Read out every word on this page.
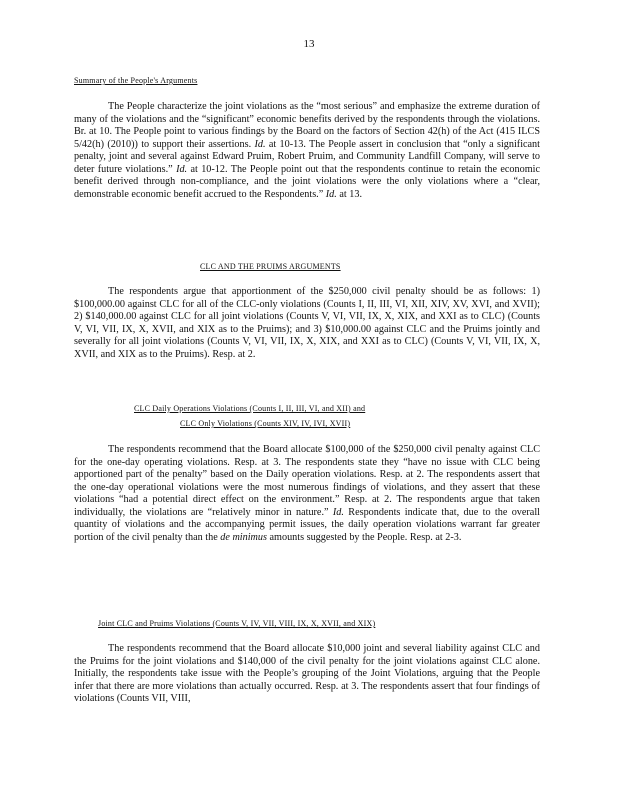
13
Summary of the People's Arguments

The People characterize the joint violations as the “most serious” and emphasize the extreme duration of many of the violations and the “significant” economic benefits derived by the respondents through the violations. Br. at 10. The People point to various findings by the Board on the factors of Section 42(h) of the Act (415 ILCS 5/42(h) (2010)) to support their assertions. Id. at 10-13. The People assert in conclusion that “only a significant penalty, joint and several against Edward Pruim, Robert Pruim, and Community Landfill Company, will serve to deter future violations.” Id. at 10-12. The People point out that the respondents continue to retain the economic benefit derived through non-compliance, and the joint violations were the only violations where a “clear, demonstrable economic benefit accrued to the Respondents.” Id. at 13.

CLC AND THE PRUIMS ARGUMENTS

The respondents argue that apportionment of the $250,000 civil penalty should be as follows: 1) $100,000.00 against CLC for all of the CLC-only violations (Counts I, II, III, VI, XII, XIV, XV, XVI, and XVII); 2) $140,000.00 against CLC for all joint violations (Counts V, VI, VII, IX, X, XIX, and XXI as to CLC) (Counts V, VI, VII, IX, X, XVII, and XIX as to the Pruims); and 3) $10,000.00 against CLC and the Pruims jointly and severally for all joint violations (Counts V, VI, VII, IX, X, XIX, and XXI as to CLC) (Counts V, VI, VII, IX, X, XVII, and XIX as to the Pruims). Resp. at 2.

CLC Daily Operations Violations (Counts I, II, III, VI, and XII) and
CLC Only Violations (Counts XIV, IV, IVI, XVII)

The respondents recommend that the Board allocate $100,000 of the $250,000 civil penalty against CLC for the one-day operating violations. Resp. at 3. The respondents state they “have no issue with CLC being apportioned part of the penalty” based on the Daily operation violations. Resp. at 2. The respondents assert that the one-day operational violations were the most numerous findings of violations, and they assert that these violations “had a potential direct effect on the environment.” Resp. at 2. The respondents argue that taken individually, the violations are “relatively minor in nature.” Id. Respondents indicate that, due to the overall quantity of violations and the accompanying permit issues, the daily operation violations warrant far greater portion of the civil penalty than the de minimus amounts suggested by the People. Resp. at 2-3.

Joint CLC and Pruims Violations (Counts V, IV, VII, VIII, IX, X, XVII, and XIX)

The respondents recommend that the Board allocate $10,000 joint and several liability against CLC and the Pruims for the joint violations and $140,000 of the civil penalty for the joint violations against CLC alone. Initially, the respondents take issue with the People’s grouping of the Joint Violations, arguing that the People infer that there are more violations than actually occurred. Resp. at 3. The respondents assert that four findings of violations (Counts VII, VIII,
